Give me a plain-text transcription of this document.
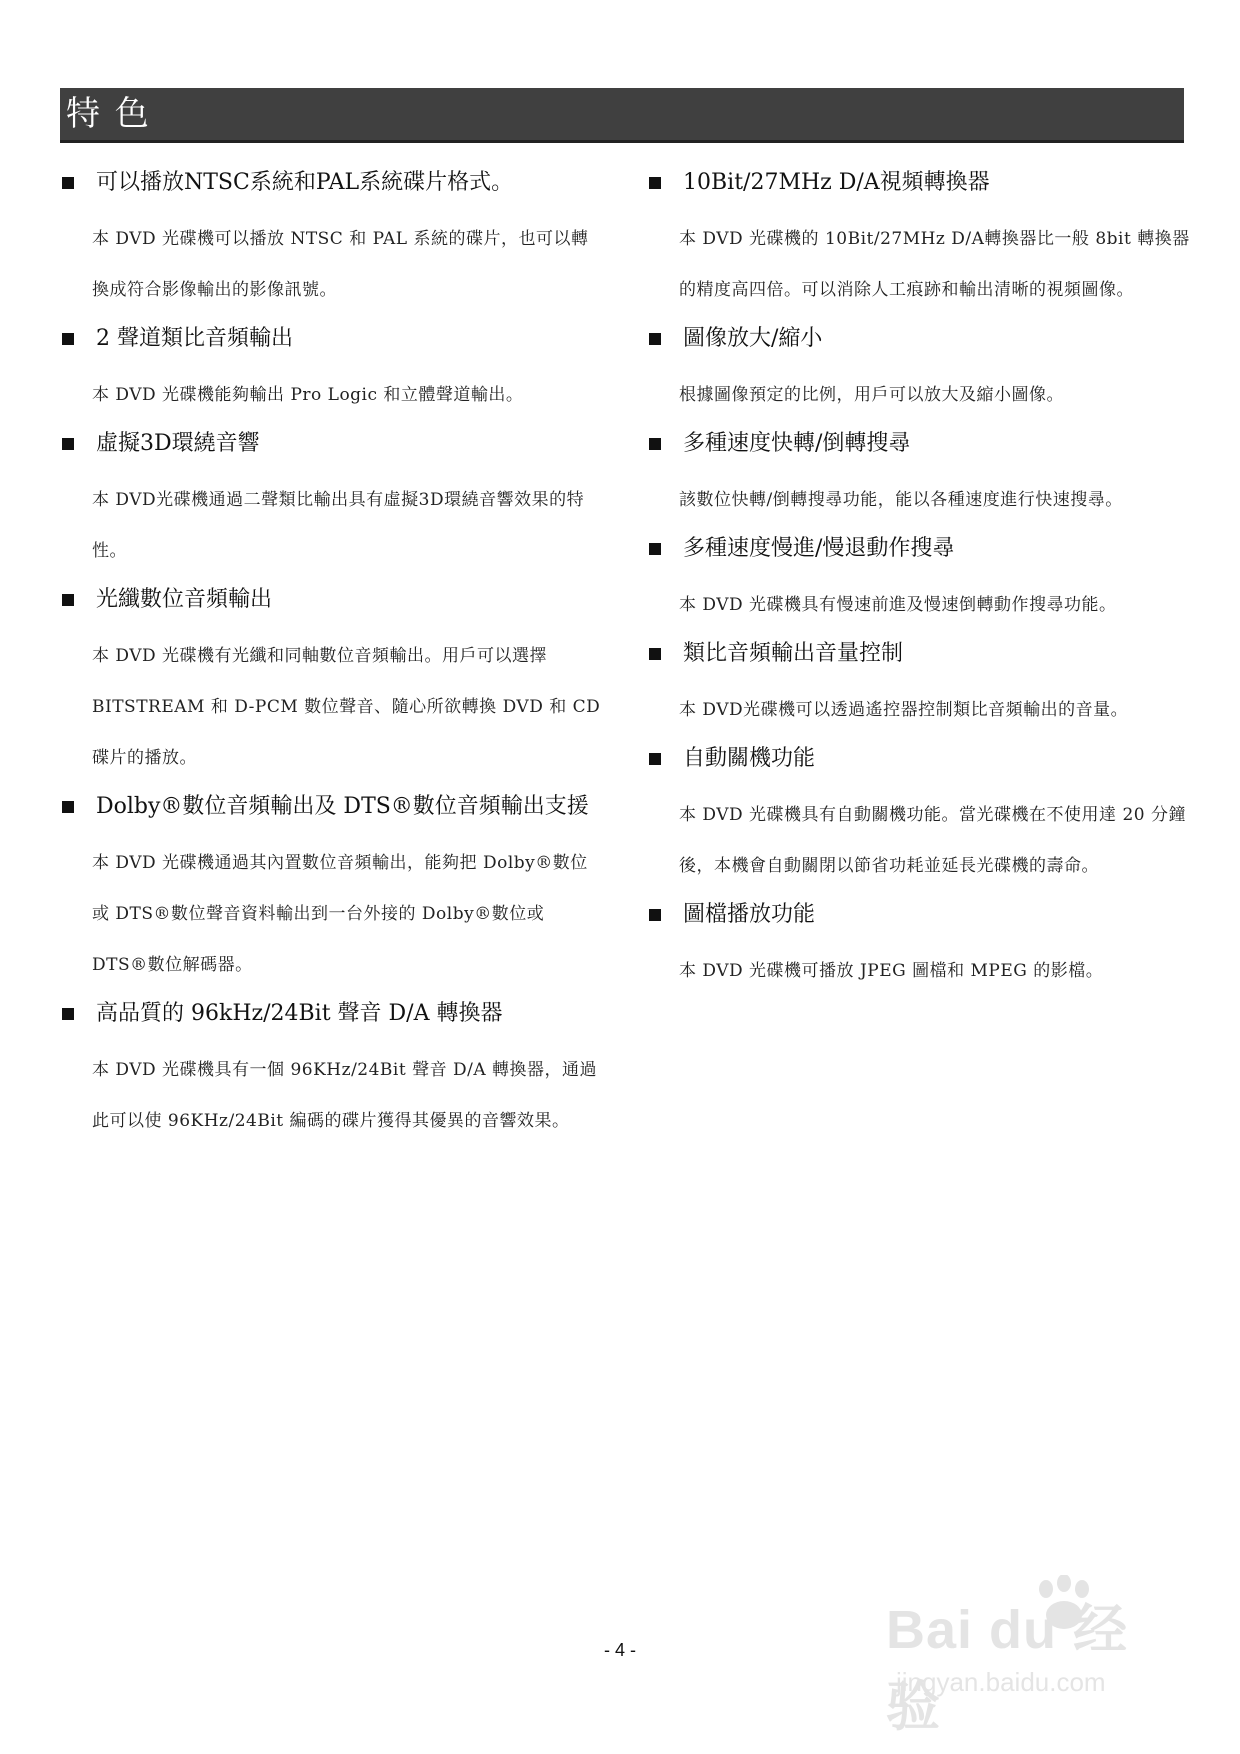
特 色
可以播放NTSC系統和PAL系統碟片格式。
本 DVD 光碟機可以播放 NTSC 和 PAL 系統的碟片，也可以轉換成符合影像輸出的影像訊號。
2 聲道類比音頻輸出
本 DVD 光碟機能夠輸出 Pro Logic 和立體聲道輸出。
虛擬3D環繞音響
本 DVD光碟機通過二聲類比輸出具有虛擬3D環繞音響效果的特性。
光纖數位音頻輸出
本 DVD 光碟機有光纖和同軸數位音頻輸出。用戶可以選擇 BITSTREAM 和 D-PCM 數位聲音、隨心所欲轉換 DVD 和 CD 碟片的播放。
Dolby®數位音頻輸出及 DTS®數位音頻輸出支援
本 DVD 光碟機通過其內置數位音頻輸出，能夠把 Dolby®數位或 DTS®數位聲音資料輸出到一台外接的 Dolby®數位或 DTS®數位解碼器。
高品質的 96kHz/24Bit 聲音 D/A 轉換器
本 DVD 光碟機具有一個 96KHz/24Bit 聲音 D/A 轉換器，通過此可以使 96KHz/24Bit 編碼的碟片獲得其優異的音響效果。
10Bit/27MHz D/A視頻轉換器
本 DVD 光碟機的 10Bit/27MHz D/A轉換器比一般 8bit 轉換器的精度高四倍。可以消除人工痕跡和輸出清晰的視頻圖像。
圖像放大/縮小
根據圖像預定的比例，用戶可以放大及縮小圖像。
多種速度快轉/倒轉搜尋
該數位快轉/倒轉搜尋功能，能以各種速度進行快速搜尋。
多種速度慢進/慢退動作搜尋
本 DVD 光碟機具有慢速前進及慢速倒轉動作搜尋功能。
類比音頻輸出音量控制
本 DVD光碟機可以透過遙控器控制類比音頻輸出的音量。
自動關機功能
本 DVD 光碟機具有自動關機功能。當光碟機在不使用達 20 分鐘後，本機會自動關閉以節省功耗並延長光碟機的壽命。
圖檔播放功能
本 DVD 光碟機可播放 JPEG 圖檔和 MPEG 的影檔。
- 4 -	Bai du 经验
jingyan.baidu.com
